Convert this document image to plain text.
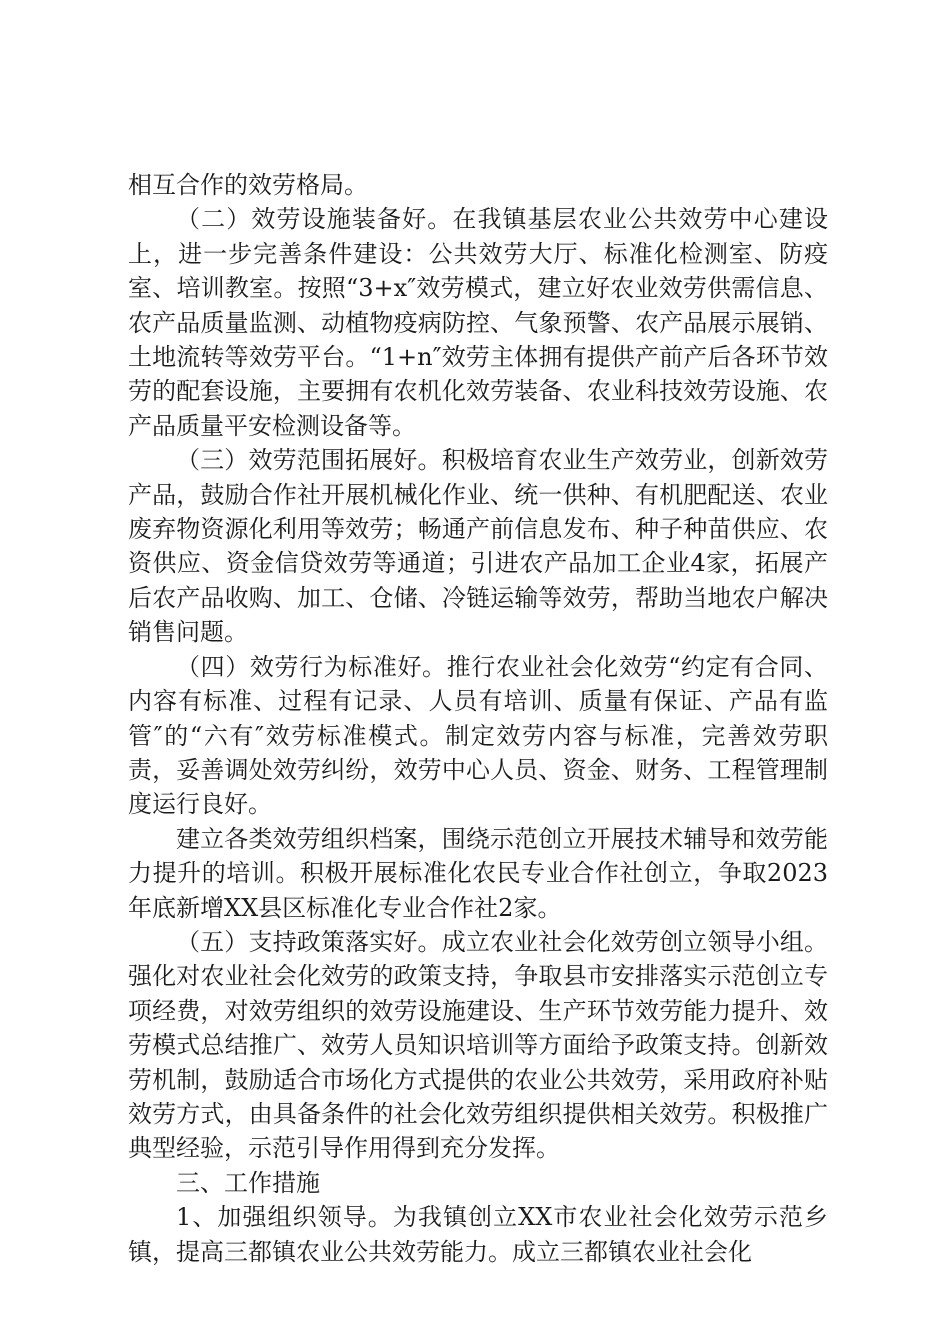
相互合作的效劳格局。

（二）效劳设施装备好。在我镇基层农业公共效劳中心建设上，进一步完善条件建设：公共效劳大厅、标准化检测室、防疫室、培训教室。按照“3+x″效劳模式，建立好农业效劳供需信息、农产品质量监测、动植物疫病防控、气象预警、农产品展示展销、土地流转等效劳平台。“1+n″效劳主体拥有提供产前产后各环节效劳的配套设施，主要拥有农机化效劳装备、农业科技效劳设施、农产品质量平安检测设备等。

（三）效劳范围拓展好。积极培育农业生产效劳业，创新效劳产品，鼓励合作社开展机械化作业、统一供种、有机肥配送、农业废弃物资源化利用等效劳；畅通产前信息发布、种子种苗供应、农资供应、资金信贷效劳等通道；引进农产品加工企业4家，拓展产后农产品收购、加工、仓储、冷链运输等效劳，帮助当地农户解决销售问题。

（四）效劳行为标准好。推行农业社会化效劳“约定有合同、内容有标准、过程有记录、人员有培训、质量有保证、产品有监管″的“六有″效劳标准模式。制定效劳内容与标准，完善效劳职责，妥善调处效劳纠纷，效劳中心人员、资金、财务、工程管理制度运行良好。

建立各类效劳组织档案，围绕示范创立开展技术辅导和效劳能力提升的培训。积极开展标准化农民专业合作社创立，争取2023年底新增XX县区标准化专业合作社2家。

（五）支持政策落实好。成立农业社会化效劳创立领导小组。强化对农业社会化效劳的政策支持，争取县市安排落实示范创立专项经费，对效劳组织的效劳设施建设、生产环节效劳能力提升、效劳模式总结推广、效劳人员知识培训等方面给予政策支持。创新效劳机制，鼓励适合市场化方式提供的农业公共效劳，采用政府补贴效劳方式，由具备条件的社会化效劳组织提供相关效劳。积极推广典型经验，示范引导作用得到充分发挥。

三、工作措施

1、加强组织领导。为我镇创立XX市农业社会化效劳示范乡镇，提高三都镇农业公共效劳能力。成立三都镇农业社会化
